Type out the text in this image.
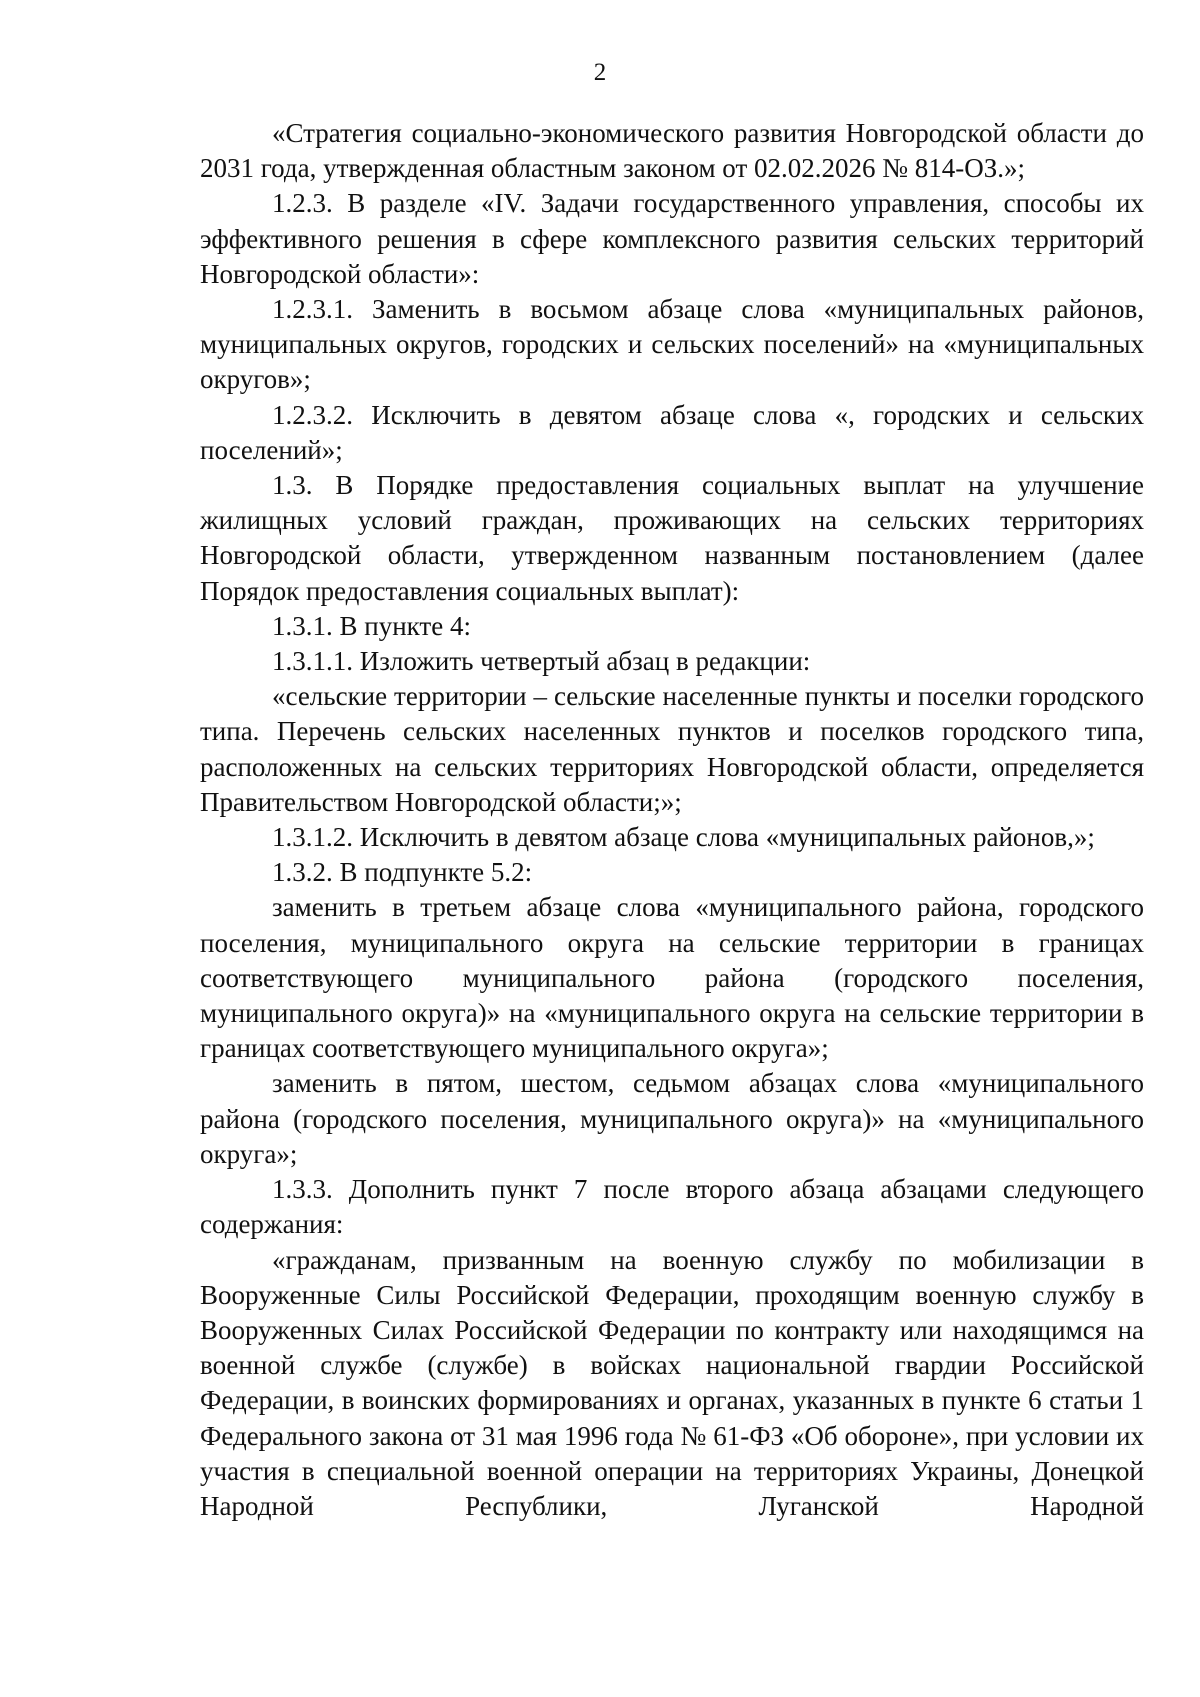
2

«Стратегия социально-экономического развития Новгородской области до 2031 года, утвержденная областным законом от 02.02.2026 № 814-ОЗ.»;

1.2.3. В разделе «IV. Задачи государственного управления, способы их эффективного решения в сфере комплексного развития сельских территорий Новгородской области»:

1.2.3.1. Заменить в восьмом абзаце слова «муниципальных районов, муниципальных округов, городских и сельских поселений» на «муниципальных округов»;

1.2.3.2. Исключить в девятом абзаце слова «, городских и сельских поселений»;

1.3. В Порядке предоставления социальных выплат на улучшение жилищных условий граждан, проживающих на сельских территориях Новгородской области, утвержденном названным постановлением (далее Порядок предоставления социальных выплат):

1.3.1. В пункте 4:

1.3.1.1. Изложить четвертый абзац в редакции:

«сельские территории – сельские населенные пункты и поселки городского типа. Перечень сельских населенных пунктов и поселков городского типа, расположенных на сельских территориях Новгородской области, определяется Правительством Новгородской области;»;

1.3.1.2. Исключить в девятом абзаце слова «муниципальных районов,»;

1.3.2. В подпункте 5.2:

заменить в третьем абзаце слова «муниципального района, городского поселения, муниципального округа на сельские территории в границах соответствующего муниципального района (городского поселения, муниципального округа)» на «муниципального округа на сельские территории в границах соответствующего муниципального округа»;

заменить в пятом, шестом, седьмом абзацах слова «муниципального района (городского поселения, муниципального округа)» на «муниципального округа»;

1.3.3. Дополнить пункт 7 после второго абзаца абзацами следующего содержания:

«гражданам, призванным на военную службу по мобилизации в Вооруженные Силы Российской Федерации, проходящим военную службу в Вооруженных Силах Российской Федерации по контракту или находящимся на военной службе (службе) в войсках национальной гвардии Российской Федерации, в воинских формированиях и органах, указанных в пункте 6 статьи 1 Федерального закона от 31 мая 1996 года № 61-ФЗ «Об обороне», при условии их участия в специальной военной операции на территориях Украины, Донецкой Народной Республики, Луганской Народной
